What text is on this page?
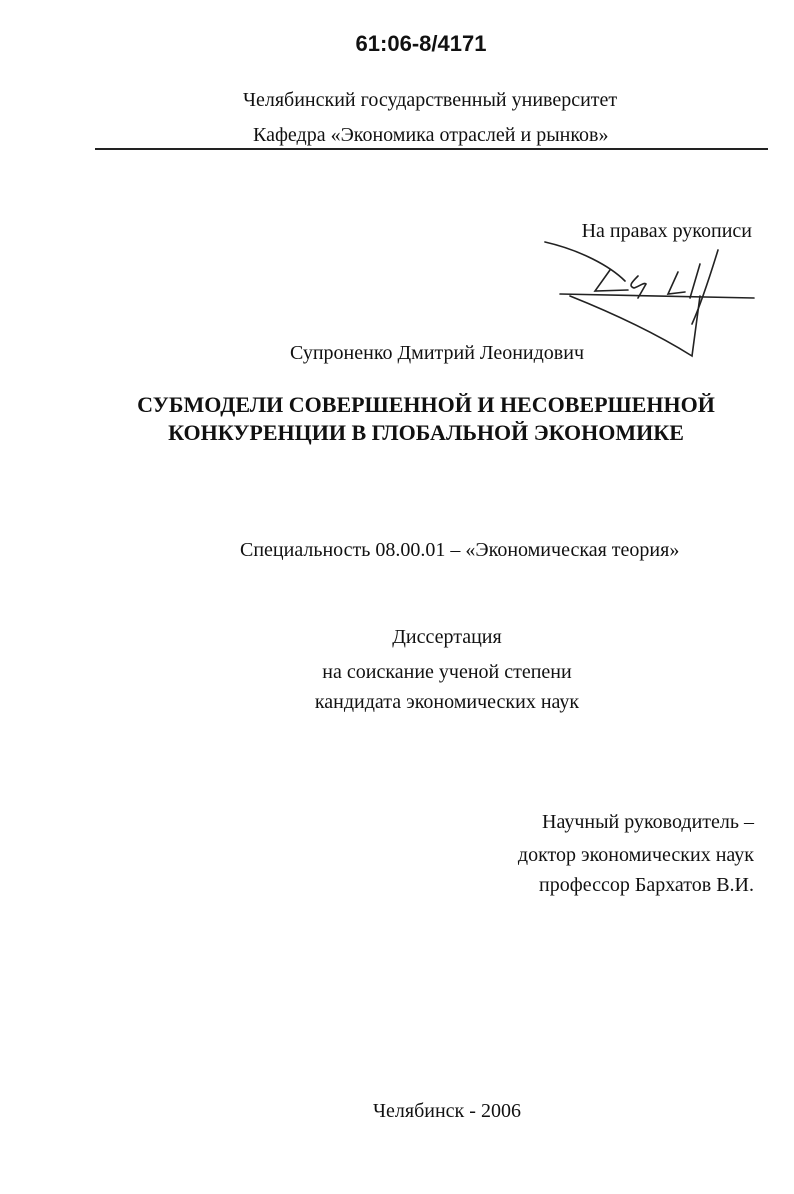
61:06-8/4171
Челябинский государственный университет
Кафедра «Экономика отраслей и рынков»
На правах рукописи
Супроненко Дмитрий Леонидович
СУБМОДЕЛИ СОВЕРШЕННОЙ И НЕСОВЕРШЕННОЙ
КОНКУРЕНЦИИ В ГЛОБАЛЬНОЙ ЭКОНОМИКЕ
Специальность 08.00.01 – «Экономическая теория»
Диссертация
на соискание ученой степени
кандидата экономических наук
Научный руководитель –
доктор экономических наук
профессор Бархатов В.И.
Челябинск - 2006
